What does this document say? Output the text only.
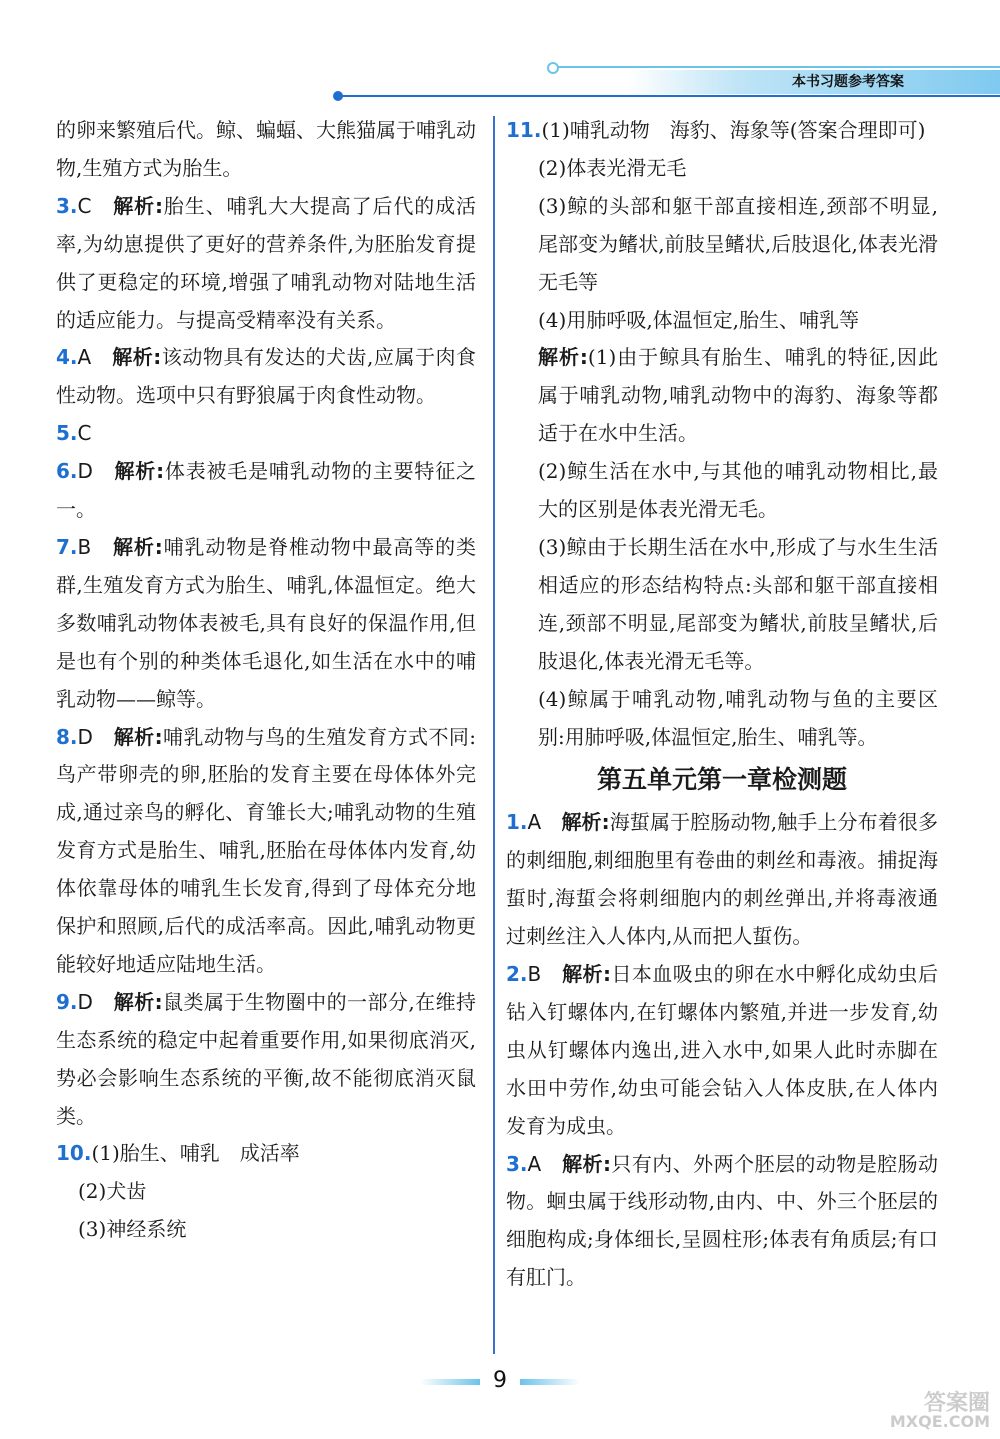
本书习题参考答案

的卵来繁殖后代。鲸、蝙蝠、大熊猫属于哺乳动物,生殖方式为胎生。

3.C　 解析:胎生、哺乳大大提高了后代的成活率,为幼崽提供了更好的营养条件,为胚胎发育提供了更稳定的环境,增强了哺乳动物对陆地生活的适应能力。与提高受精率没有关系。

4.A　 解析:该动物具有发达的犬齿,应属于肉食性动物。选项中只有野狼属于肉食性动物。

5.C

6.D　 解析:体表被毛是哺乳动物的主要特征之一。

7.B　 解析:哺乳动物是脊椎动物中最高等的类群,生殖发育方式为胎生、哺乳,体温恒定。绝大多数哺乳动物体表被毛,具有良好的保温作用,但是也有个别的种类体毛退化,如生活在水中的哺乳动物——鲸等。

8.D　 解析:哺乳动物与鸟的生殖发育方式不同:鸟产带卵壳的卵,胚胎的发育主要在母体体外完成,通过亲鸟的孵化、育雏长大;哺乳动物的生殖发育方式是胎生、哺乳,胚胎在母体体内发育,幼体依靠母体的哺乳生长发育,得到了母体充分地保护和照顾,后代的成活率高。因此,哺乳动物更能较好地适应陆地生活。

9.D　 解析:鼠类属于生物圈中的一部分,在维持生态系统的稳定中起着重要作用,如果彻底消灭,势必会影响生态系统的平衡,故不能彻底消灭鼠类。

10.(1)胎生、哺乳　成活率

(2)犬齿

(3)神经系统

11.(1)哺乳动物　海豹、海象等(答案合理即可)

(2)体表光滑无毛

(3)鲸的头部和躯干部直接相连,颈部不明显,尾部变为鳍状,前肢呈鳍状,后肢退化,体表光滑无毛等

(4)用肺呼吸,体温恒定,胎生、哺乳等

解析:(1)由于鲸具有胎生、哺乳的特征,因此属于哺乳动物,哺乳动物中的海豹、海象等都适于在水中生活。

(2)鲸生活在水中,与其他的哺乳动物相比,最大的区别是体表光滑无毛。

(3)鲸由于长期生活在水中,形成了与水生生活相适应的形态结构特点:头部和躯干部直接相连,颈部不明显,尾部变为鳍状,前肢呈鳍状,后肢退化,体表光滑无毛等。

(4)鲸属于哺乳动物,哺乳动物与鱼的主要区别:用肺呼吸,体温恒定,胎生、哺乳等。

第五单元第一章检测题

1.A　 解析:海蜇属于腔肠动物,触手上分布着很多的刺细胞,刺细胞里有卷曲的刺丝和毒液。捕捉海蜇时,海蜇会将刺细胞内的刺丝弹出,并将毒液通过刺丝注入人体内,从而把人蜇伤。

2.B　 解析:日本血吸虫的卵在水中孵化成幼虫后钻入钉螺体内,在钉螺体内繁殖,并进一步发育,幼虫从钉螺体内逸出,进入水中,如果人此时赤脚在水田中劳作,幼虫可能会钻入人体皮肤,在人体内发育为成虫。

3.A　 解析:只有内、外两个胚层的动物是腔肠动物。蛔虫属于线形动物,由内、中、外三个胚层的细胞构成;身体细长,呈圆柱形;体表有角质层;有口有肛门。

9
答案圈
MXQE.COM
